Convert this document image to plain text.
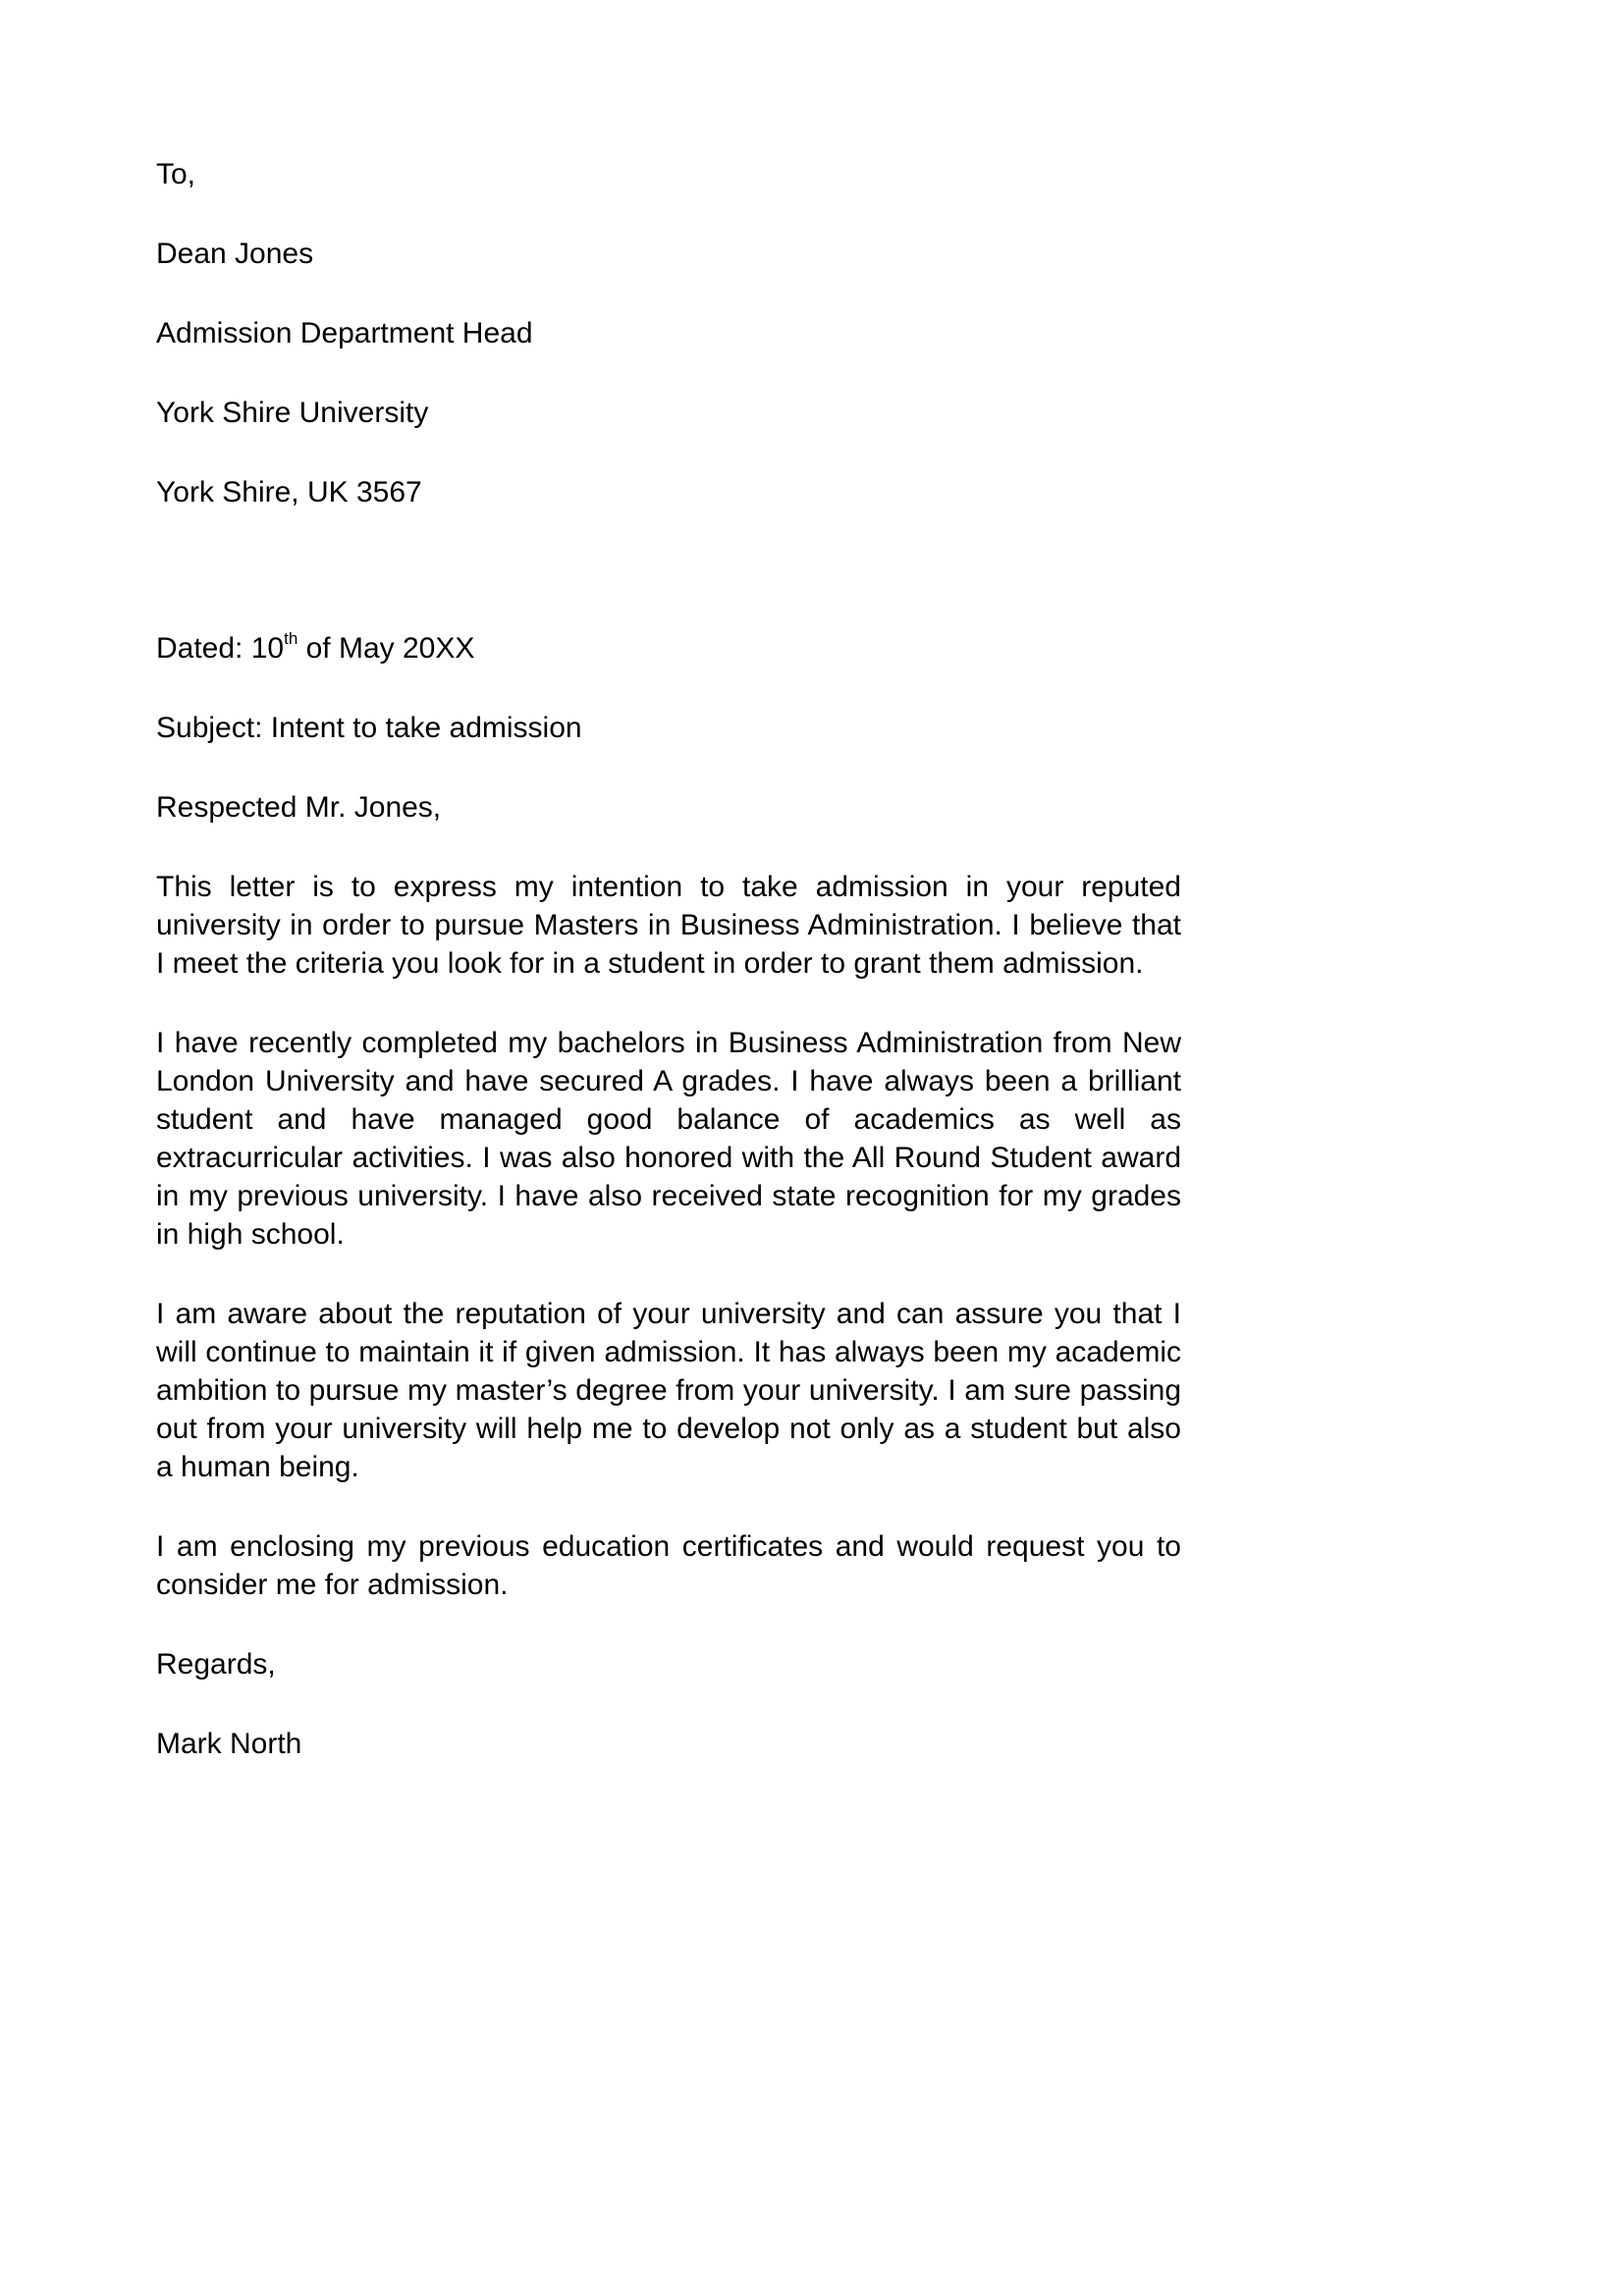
To,
Dean Jones
Admission Department Head
York Shire University
York Shire, UK 3567
Dated: 10th of May 20XX
Subject: Intent to take admission
Respected Mr. Jones,

This letter is to express my intention to take admission in your reputed university in order to pursue Masters in Business Administration. I believe that I meet the criteria you look for in a student in order to grant them admission.

I have recently completed my bachelors in Business Administration from New London University and have secured A grades. I have always been a brilliant student and have managed good balance of academics as well as extracurricular activities. I was also honored with the All Round Student award in my previous university. I have also received state recognition for my grades in high school.

I am aware about the reputation of your university and can assure you that I will continue to maintain it if given admission. It has always been my academic ambition to pursue my master’s degree from your university. I am sure passing out from your university will help me to develop not only as a student but also a human being.

I am enclosing my previous education certificates and would request you to consider me for admission.

Regards,
Mark North
